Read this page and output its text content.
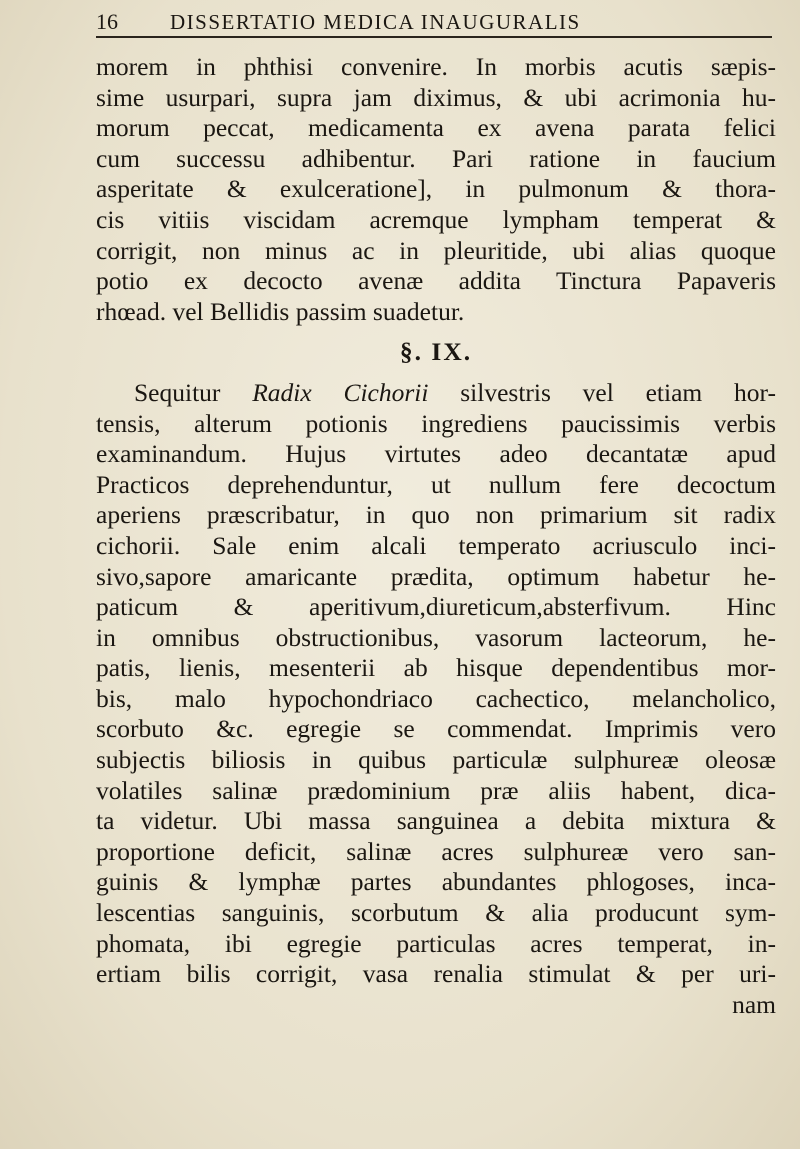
16 DISSERTATIO MEDICA INAUGURALIS
morem in phthisi convenire. In morbis acutis sæpis-
sime usurpari, supra jam diximus, & ubi acrimonia hu-
morum peccat, medicamenta ex avena parata felici
cum successu adhibentur. Pari ratione in faucium
asperitate & exulceratione], in pulmonum & thora-
cis vitiis viscidam acremque lympham temperat &
corrigit, non minus ac in pleuritide, ubi alias quoque
potio ex decocto avenæ addita Tinctura Papaveris
rhœad. vel Bellidis passim suadetur.
§. IX.
Sequitur Radix Cichorii silvestris vel etiam hor-
tensis, alterum potionis ingrediens paucissimis verbis
examinandum. Hujus virtutes adeo decantatæ apud
Practicos deprehenduntur, ut nullum fere decoctum
aperiens præscribatur, in quo non primarium sit radix
cichorii. Sale enim alcali temperato acriusculo inci-
sivo,sapore amaricante prædita, optimum habetur he-
paticum & aperitivum,diureticum,absterfivum. Hinc
in omnibus obstructionibus, vasorum lacteorum, he-
patis, lienis, mesenterii ab hisque dependentibus mor-
bis, malo hypochondriaco cachectico, melancholico,
scorbuto &c. egregie se commendat. Imprimis vero
subjectis biliosis in quibus particulæ sulphureæ oleosæ
volatiles salinæ prædominium præ aliis habent, dica-
ta videtur. Ubi massa sanguinea a debita mixtura &
proportione deficit, salinæ acres sulphureæ vero san-
guinis & lymphæ partes abundantes phlogoses, inca-
lescentias sanguinis, scorbutum & alia producunt sym-
phomata, ibi egregie particulas acres temperat, in-
ertiam bilis corrigit, vasa renalia stimulat & per uri-
nam
